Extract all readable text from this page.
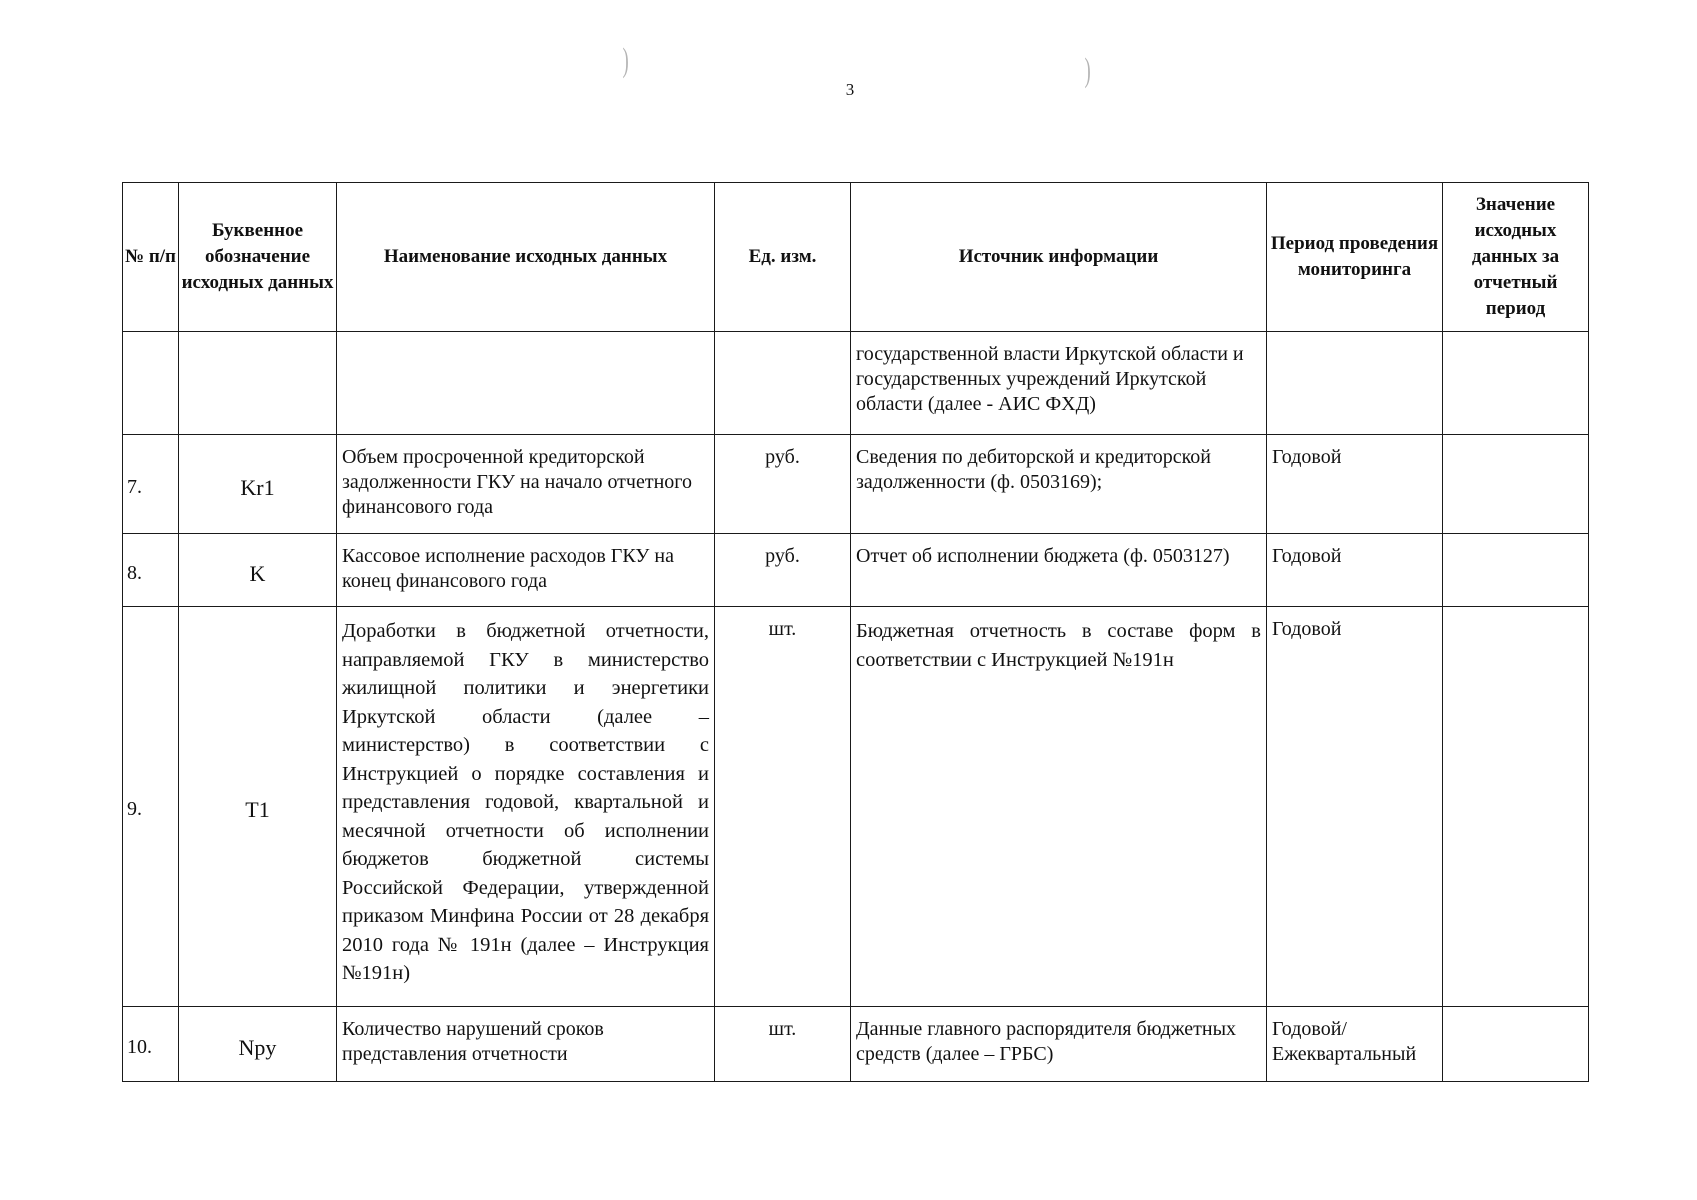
)	)
3
№ п/п	Буквенное обозначение исходных данных	Наименование исходных данных	Ед. изм.	Источник информации	Период проведения мониторинга	Значение исходных данных за отчетный период
				государственной власти Иркутской области и государственных учреждений Иркутской области (далее - АИС ФХД)		
7.	Kr1	Объем просроченной кредиторской задолженности ГКУ на начало отчетного финансового года	руб.	Сведения по дебиторской и кредиторской задолженности (ф. 0503169);	Годовой	
8.	K	Кассовое исполнение расходов ГКУ на конец финансового года	руб.	Отчет об исполнении бюджета (ф. 0503127)	Годовой	
9.	T1	Доработки в бюджетной отчетности, направляемой ГКУ в министерство жилищной политики и энергетики Иркутской области (далее – министерство) в соответствии с Инструкцией о порядке составления и представления годовой, квартальной и месячной отчетности об исполнении бюджетов бюджетной системы Российской Федерации, утвержденной приказом Минфина России от 28 декабря 2010 года № 191н (далее – Инструкция №191н)	шт.	Бюджетная отчетность в составе форм в соответствии с Инструкцией №191н	Годовой	
10.	Npy	Количество нарушений сроков представления отчетности	шт.	Данные главного распорядителя бюджетных средств (далее – ГРБС)	Годовой/ Ежеквартальный	
